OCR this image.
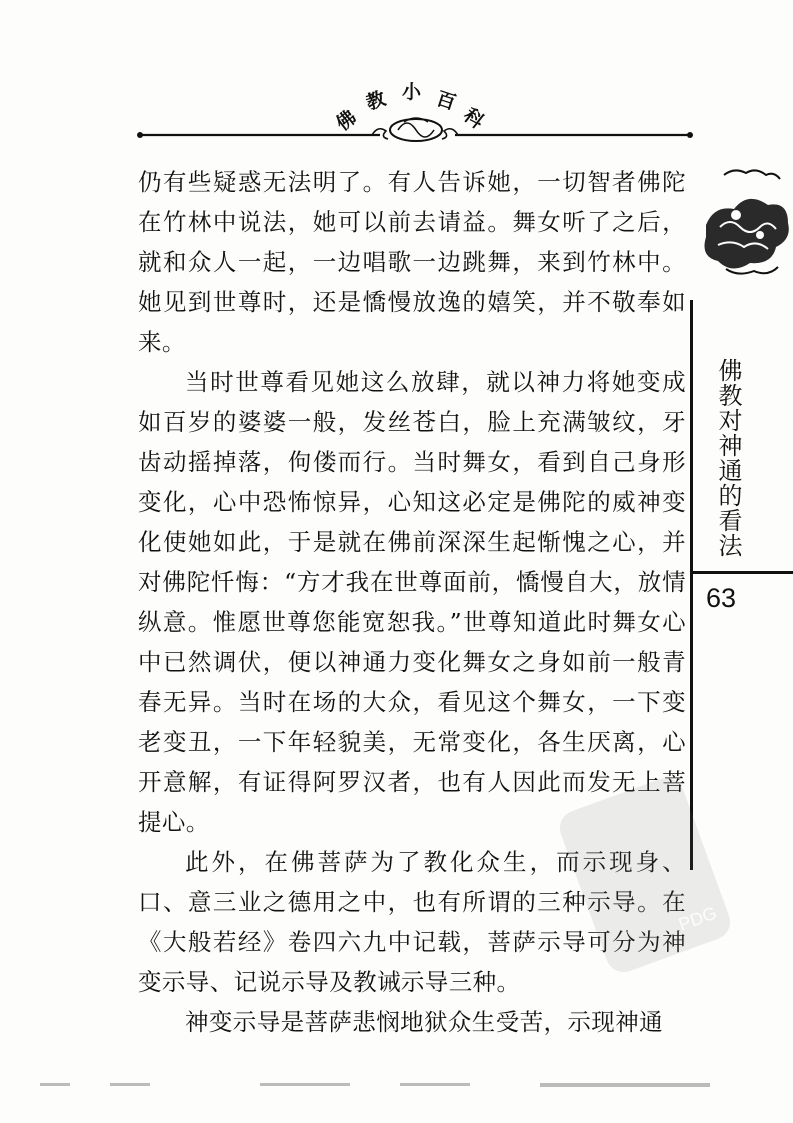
佛
教 小 百
科

仍有些疑惑无法明了。有人告诉她，一切智者佛陀在竹林中说法，她可以前去请益。舞女听了之后，就和众人一起，一边唱歌一边跳舞，来到竹林中。她见到世尊时，还是憍慢放逸的嬉笑，并不敬奉如来。

当时世尊看见她这么放肆，就以神力将她变成如百岁的婆婆一般，发丝苍白，脸上充满皱纹，牙齿动摇掉落，佝偻而行。当时舞女，看到自己身形变化，心中恐怖惊异，心知这必定是佛陀的威神变化使她如此，于是就在佛前深深生起惭愧之心，并对佛陀忏悔：“方才我在世尊面前，憍慢自大，放情纵意。惟愿世尊您能宽恕我。”世尊知道此时舞女心中已然调伏，便以神通力变化舞女之身如前一般青春无异。当时在场的大众，看见这个舞女，一下变老变丑，一下年轻貌美，无常变化，各生厌离，心开意解，有证得阿罗汉者，也有人因此而发无上菩提心。

此外，在佛菩萨为了教化众生，而示现身、口、意三业之德用之中，也有所谓的三种示导。在《大般若经》卷四六九中记载，菩萨示导可分为神变示导、记说示导及教诫示导三种。

神变示导是菩萨悲悯地狱众生受苦，示现神通

佛教对神通的看法
63
PDG
